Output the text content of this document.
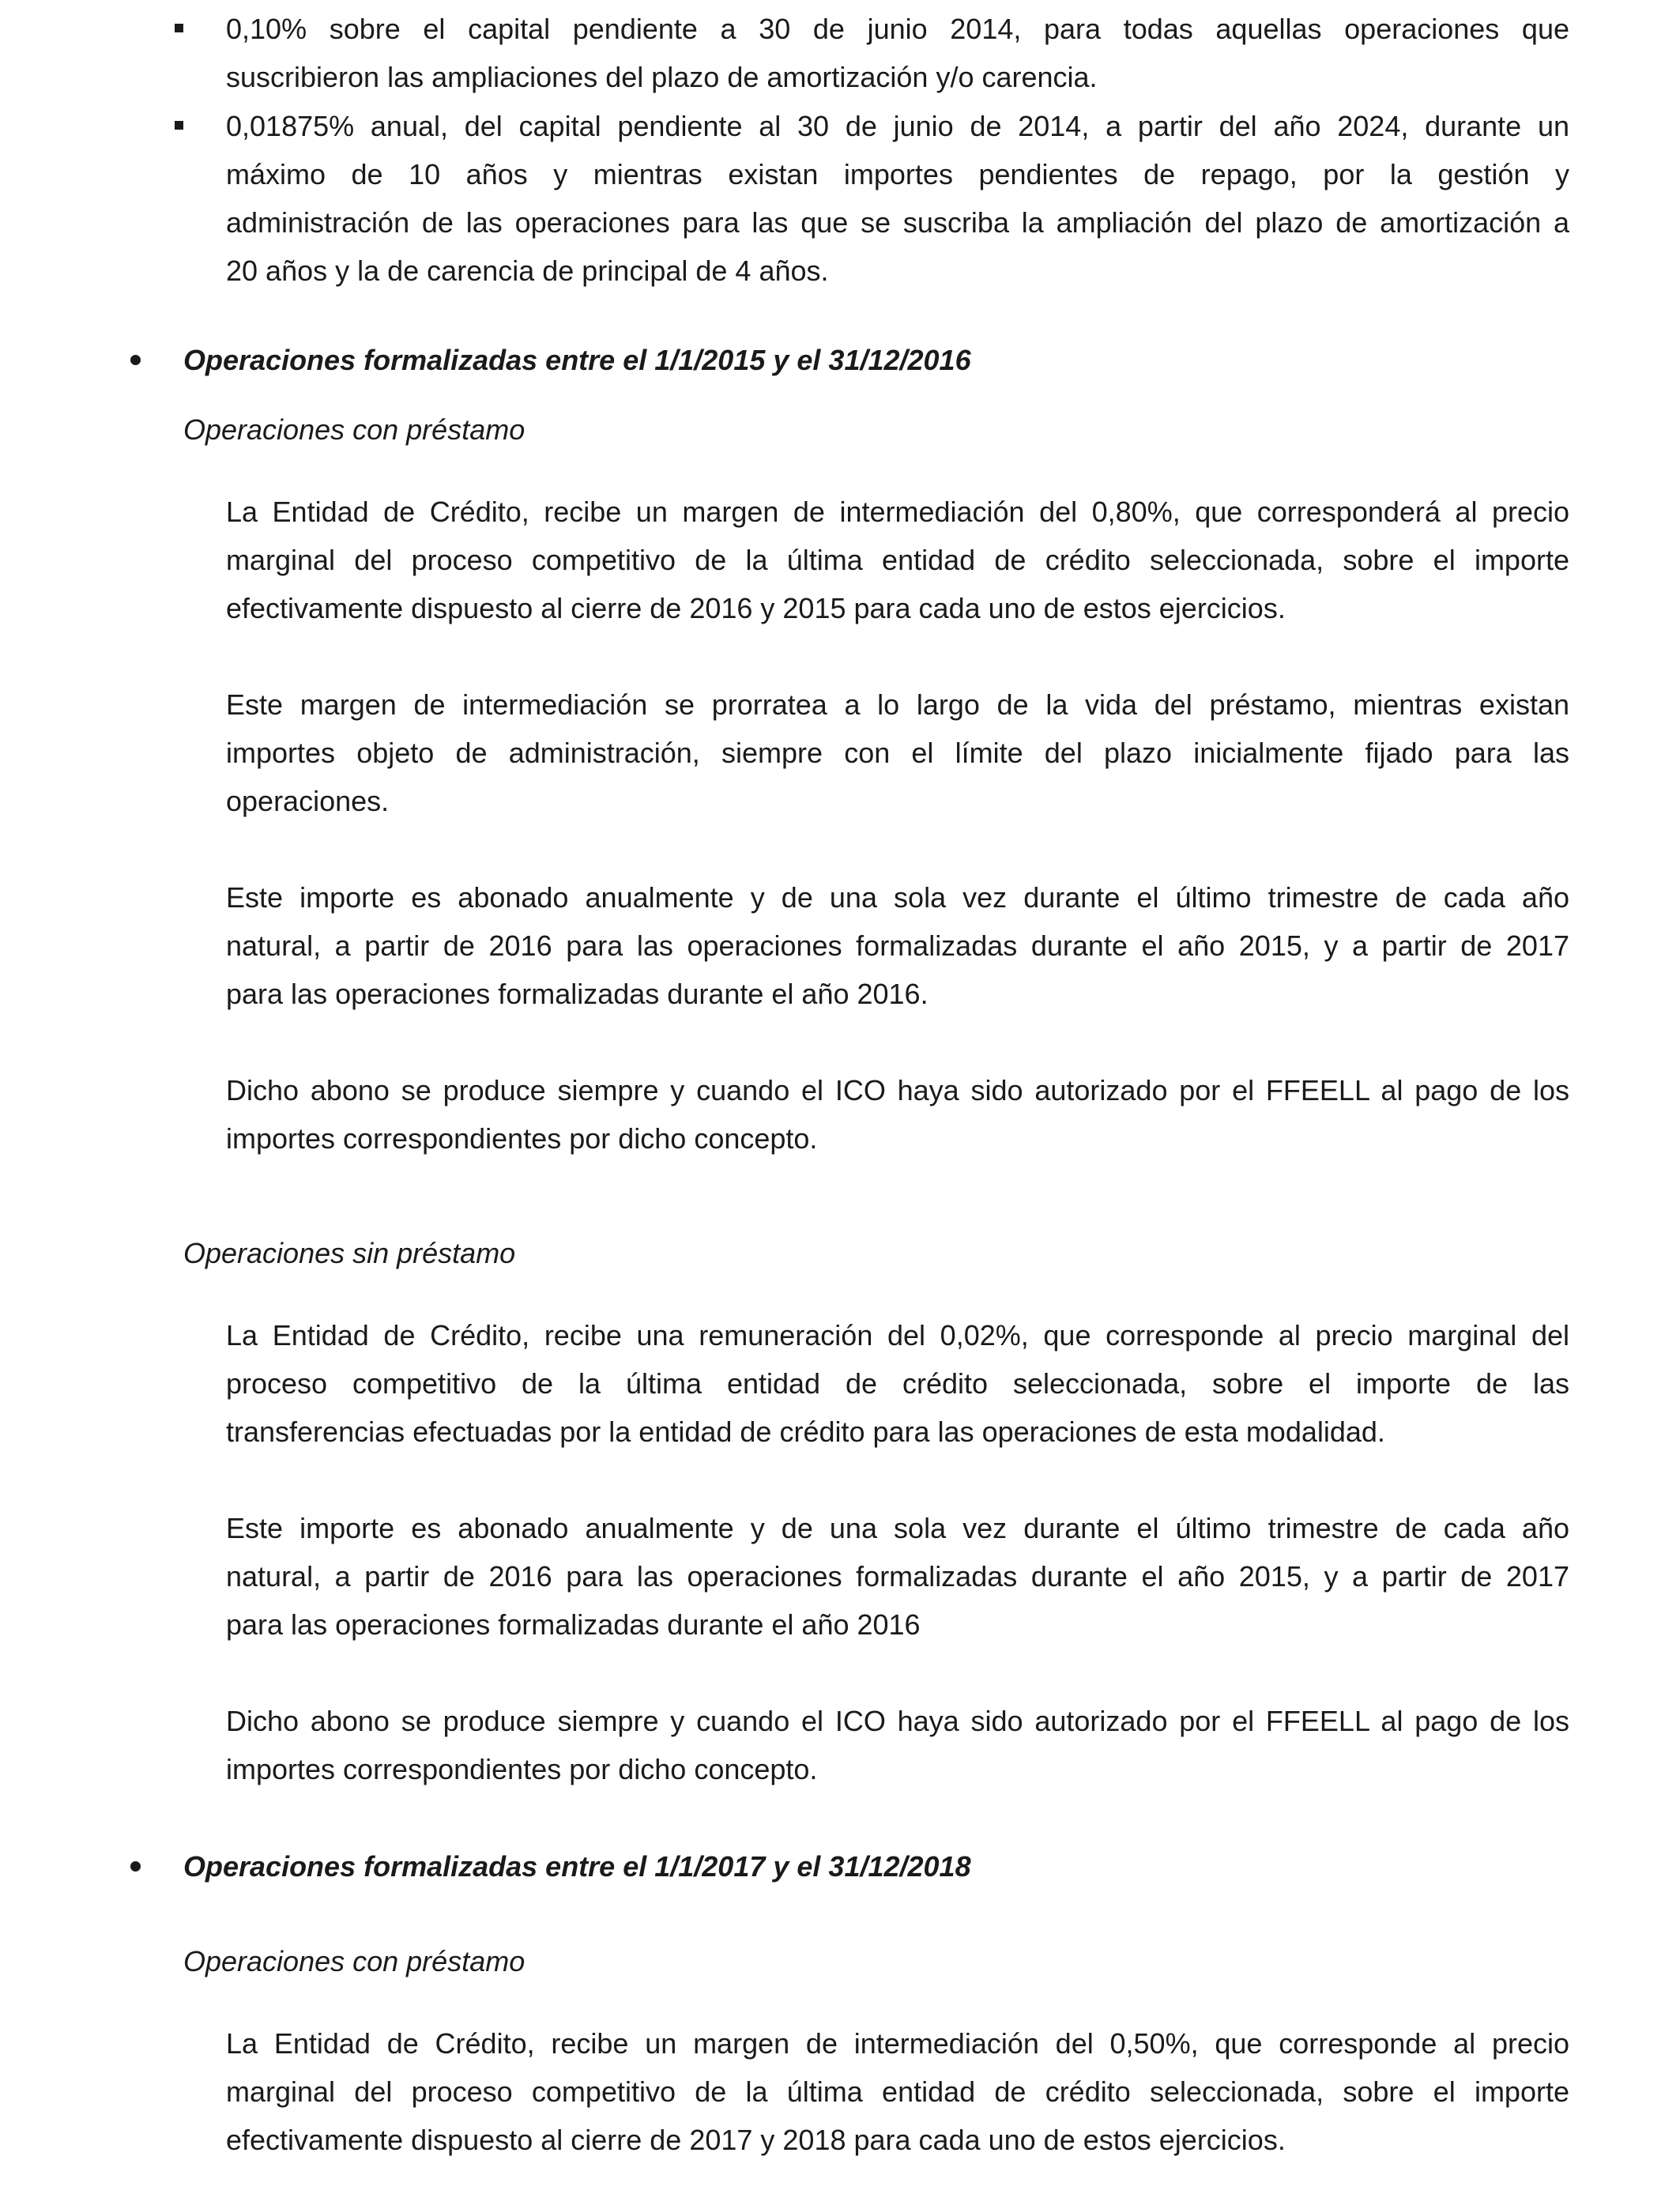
0,10% sobre el capital pendiente a 30 de junio 2014, para todas aquellas operaciones que

suscribieron las ampliaciones del plazo de amortización y/o carencia.

0,01875% anual, del capital pendiente al 30 de junio de 2014, a partir del año 2024, durante un

máximo de 10 años y mientras existan importes pendientes de repago, por la gestión y

administración de las operaciones para las que se suscriba la ampliación del plazo de amortización a

20 años y la de carencia de principal de 4 años.

Operaciones formalizadas entre el 1/1/2015 y el 31/12/2016

Operaciones con préstamo

La Entidad de Crédito, recibe un margen de intermediación del 0,80%, que corresponderá al precio

marginal del proceso competitivo de la última entidad de crédito seleccionada, sobre el importe

efectivamente dispuesto al cierre de 2016 y 2015 para cada uno de estos ejercicios.

Este margen de intermediación se prorratea a lo largo de la vida del préstamo, mientras existan

importes objeto de administración, siempre con el límite del plazo inicialmente fijado para las

operaciones.

Este importe es abonado anualmente y de una sola vez durante el último trimestre de cada año

natural, a partir de 2016 para las operaciones formalizadas durante el año 2015, y a partir de 2017

para las operaciones formalizadas durante el año 2016.

Dicho abono se produce siempre y cuando el ICO haya sido autorizado por el FFEELL al pago de los

importes correspondientes por dicho concepto.

Operaciones sin préstamo

La Entidad de Crédito, recibe una remuneración del 0,02%, que corresponde al precio marginal del

proceso competitivo de la última entidad de crédito seleccionada, sobre el importe de las

transferencias efectuadas por la entidad de crédito para las operaciones de esta modalidad.

Este importe es abonado anualmente y de una sola vez durante el último trimestre de cada año

natural, a partir de 2016 para las operaciones formalizadas durante el año 2015, y a partir de 2017

para las operaciones formalizadas durante el año 2016

Dicho abono se produce siempre y cuando el ICO haya sido autorizado por el FFEELL al pago de los

importes correspondientes por dicho concepto.

Operaciones formalizadas entre el 1/1/2017 y el 31/12/2018

Operaciones con préstamo

La Entidad de Crédito, recibe un margen de intermediación del 0,50%, que corresponde al precio

marginal del proceso competitivo de la última entidad de crédito seleccionada, sobre el importe

efectivamente dispuesto al cierre de 2017 y 2018 para cada uno de estos ejercicios.
